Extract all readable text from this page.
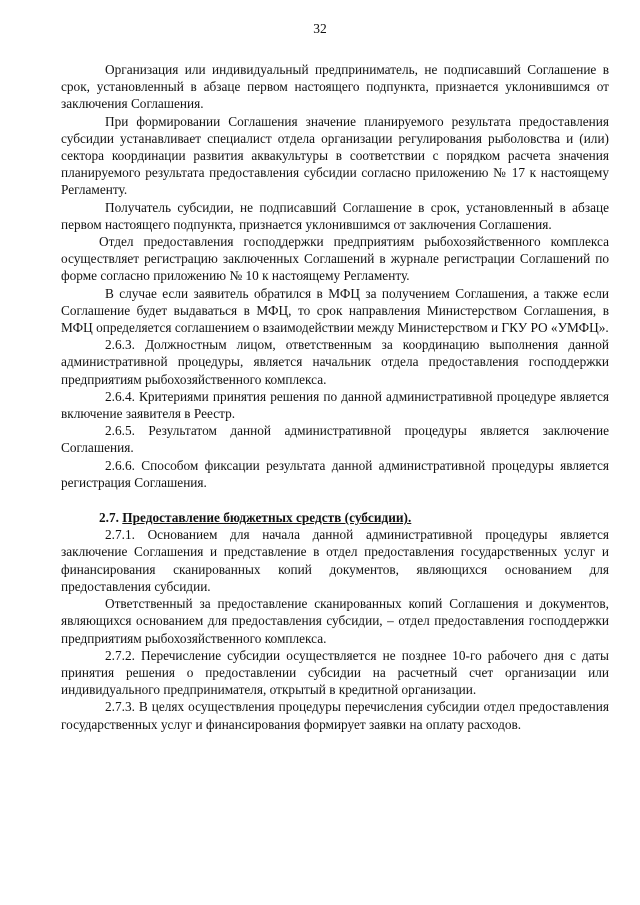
32

Организация или индивидуальный предприниматель, не подписавший Соглашение в срок, установленный в абзаце первом настоящего подпункта, признается уклонившимся от заключения Соглашения.

При формировании Соглашения значение планируемого результата предоставления субсидии устанавливает специалист отдела организации регулирования рыболовства и (или) сектора координации развития аквакультуры в соответствии с порядком расчета значения планируемого результата предоставления субсидии согласно приложению № 17 к настоящему Регламенту.

Получатель субсидии, не подписавший Соглашение в срок, установленный в абзаце первом настоящего подпункта, признается уклонившимся от заключения Соглашения.

Отдел предоставления господдержки предприятиям рыбохозяйственного комплекса осуществляет регистрацию заключенных Соглашений в журнале регистрации Соглашений по форме согласно приложению № 10 к настоящему Регламенту.

В случае если заявитель обратился в МФЦ за получением Соглашения, а также если Соглашение будет выдаваться в МФЦ, то срок направления Министерством Соглашения, в МФЦ определяется соглашением о взаимодействии между Министерством и ГКУ РО «УМФЦ».

2.6.3. Должностным лицом, ответственным за координацию выполнения данной административной процедуры, является начальник отдела предоставления господдержки предприятиям рыбохозяйственного комплекса.

2.6.4. Критериями принятия решения по данной административной процедуре является включение заявителя в Реестр.

2.6.5. Результатом данной административной процедуры является заключение Соглашения.

2.6.6. Способом фиксации результата данной административной процедуры является регистрация Соглашения.

2.7. Предоставление бюджетных средств (субсидии).

2.7.1. Основанием для начала данной административной процедуры является заключение Соглашения и представление в отдел предоставления государственных услуг и финансирования сканированных копий документов, являющихся основанием для предоставления субсидии.

Ответственный за предоставление сканированных копий Соглашения и документов, являющихся основанием для предоставления субсидии, – отдел предоставления господдержки предприятиям рыбохозяйственного комплекса.

2.7.2. Перечисление субсидии осуществляется не позднее 10-го рабочего дня с даты принятия решения о предоставлении субсидии на расчетный счет организации или индивидуального предпринимателя, открытый в кредитной организации.

2.7.3. В целях осуществления процедуры перечисления субсидии отдел предоставления государственных услуг и финансирования формирует заявки на оплату расходов.
